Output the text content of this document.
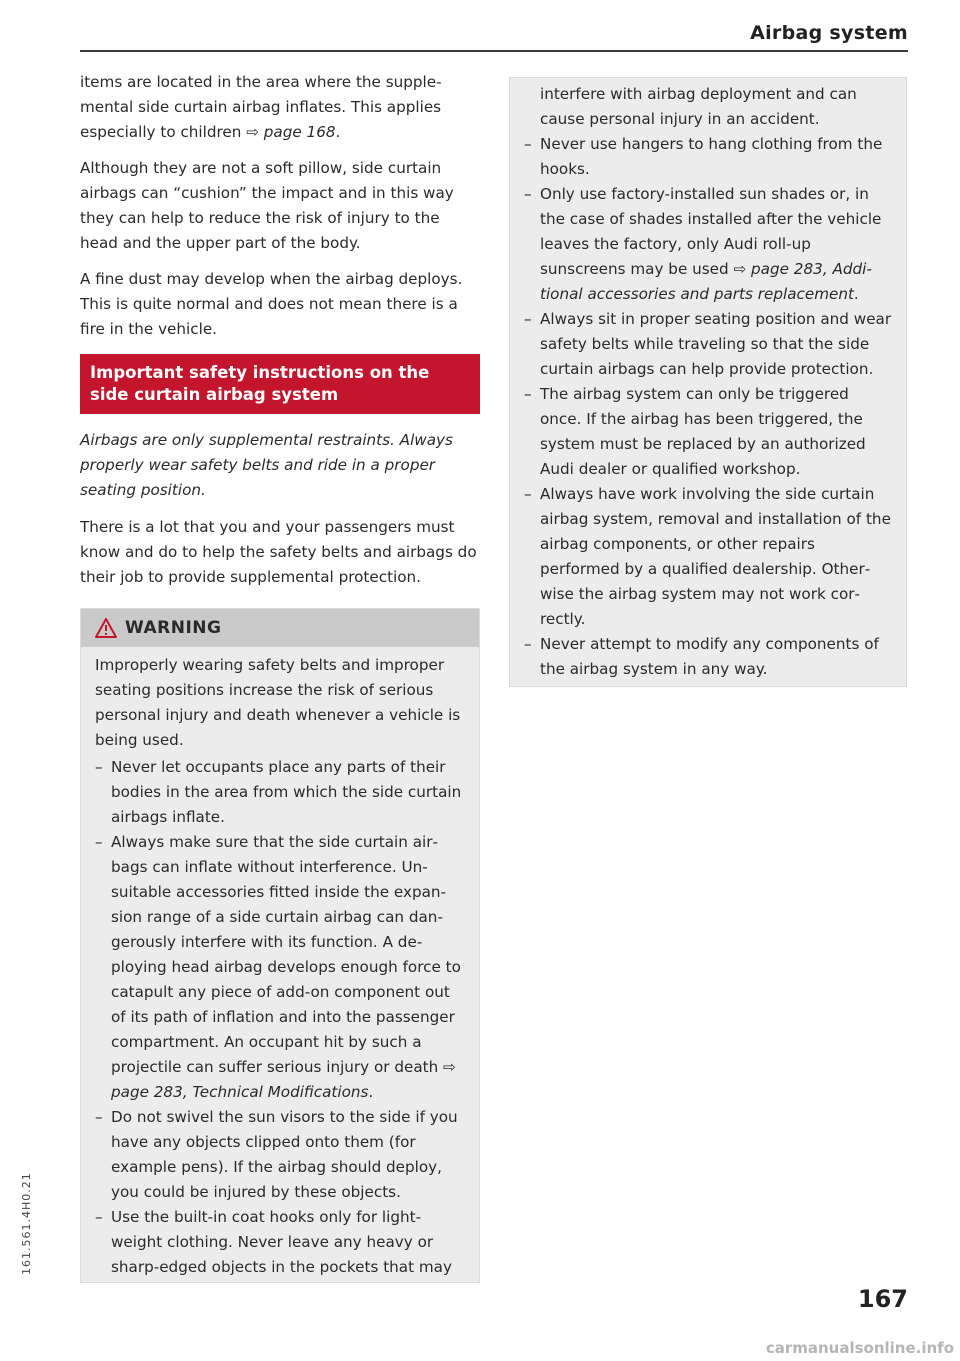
Airbag system

items are located in the area where the supplemental side curtain airbag inflates. This applies especially to children ⇨ page 168.

Although they are not a soft pillow, side curtain airbags can “cushion” the impact and in this way they can help to reduce the risk of injury to the head and the upper part of the body.

A fine dust may develop when the airbag deploys. This is quite normal and does not mean there is a fire in the vehicle.

Important safety instructions on the side curtain airbag system

Airbags are only supplemental restraints. Always properly wear safety belts and ride in a proper seating position.

There is a lot that you and your passengers must know and do to help the safety belts and airbags do their job to provide supplemental protection.

WARNING

Improperly wearing safety belts and improper seating positions increase the risk of serious personal injury and death whenever a vehicle is being used.

– Never let occupants place any parts of their bodies in the area from which the side curtain airbags inflate.
– Always make sure that the side curtain airbags can inflate without interference. Unsuitable accessories fitted inside the expansion range of a side curtain airbag can dangerously interfere with its function. A deploying head airbag develops enough force to catapult any piece of add-on component out of its path of inflation and into the passenger compartment. An occupant hit by such a projectile can suffer serious injury or death ⇨ page 283, Technical Modifications.
– Do not swivel the sun visors to the side if you have any objects clipped onto them (for example pens). If the airbag should deploy, you could be injured by these objects.
– Use the built-in coat hooks only for lightweight clothing. Never leave any heavy or sharp-edged objects in the pockets that may

interfere with airbag deployment and can cause personal injury in an accident.

– Never use hangers to hang clothing from the hooks.
– Only use factory-installed sun shades or, in the case of shades installed after the vehicle leaves the factory, only Audi roll-up sunscreens may be used ⇨ page 283, Additional accessories and parts replacement.
– Always sit in proper seating position and wear safety belts while traveling so that the side curtain airbags can help provide protection.
– The airbag system can only be triggered once. If the airbag has been triggered, the system must be replaced by an authorized Audi dealer or qualified workshop.
– Always have work involving the side curtain airbag system, removal and installation of the airbag components, or other repairs performed by a qualified dealership. Otherwise the airbag system may not work correctly.
– Never attempt to modify any components of the airbag system in any way.
167
161.561.4H0.21
carmanualsonline.info
